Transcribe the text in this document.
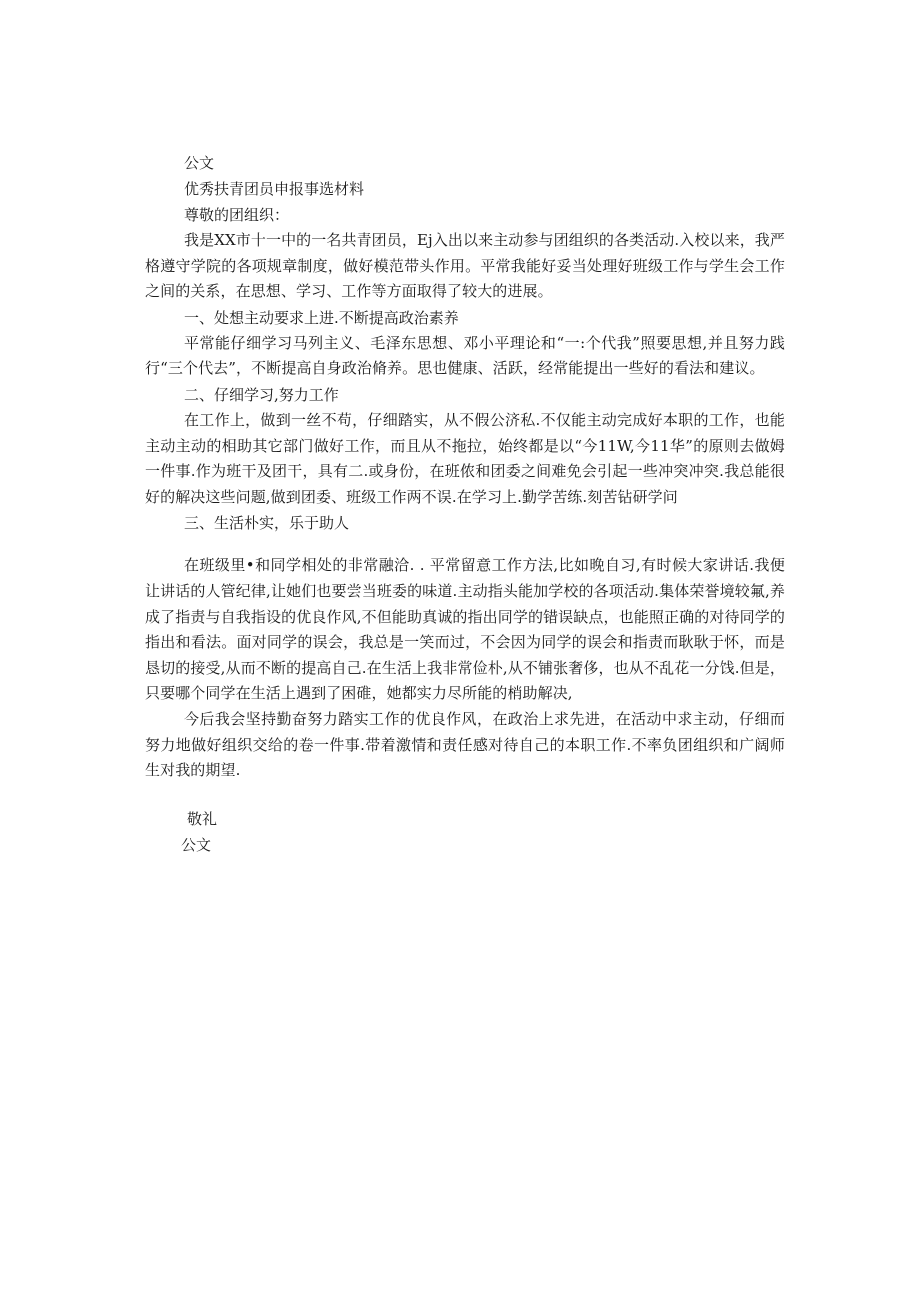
公文

优秀扶青团员申报事选材料

尊敬的团组织：

我是XX市十一中的一名共青团员，Ej入出以来主动参与团组织的各类活动.入校以来，我严格遵守学院的各项规章制度，做好模范带头作用。平常我能好妥当处理好班级工作与学生会工作之间的关系，在思想、学习、工作等方面取得了较大的进展。

一、处想主动要求上进.不断提高政治素养

平常能仔细学习马列主义、毛泽东思想、邓小平理论和“一:个代我”照要思想,并且努力践行“三个代去”，不断提高自身政治脩养。思也健康、活跃，经常能提出一些好的看法和建议。

二、仔细学习,努力工作

在工作上，做到一丝不苟，仔细踏实，从不假公济私.不仅能主动完成好本职的工作，也能主动主动的相助其它部门做好工作，而且从不拖拉，始终都是以“今11W,今11华”的原则去做姆一件事.作为班干及团干，具有二.或身份，在班侬和团委之间难免会引起一些冲突冲突.我总能很好的解决这些问题,做到团委、班级工作两不误.在学习上.勤学苦练.刻苦钻研学问

三、生活朴实，乐于助人

在班级里•和同学相处的非常融洽. . 平常留意工作方法,比如晚自习,有时候大家讲话.我便让讲话的人管纪律,让她们也要尝当班委的味道.主动指头能加学校的各项活动.集体荣誉境较氟,养成了指责与自我指设的优良作风,不但能助真诚的指出同学的错误缺点，也能照正确的对待同学的指出和看法。面对同学的误会，我总是一笑而过，不会因为同学的误会和指责而耿耿于怀，而是恳切的接受,从而不断的提高自己.在生活上我非常俭朴,从不铺张奢侈，也从不乱花一分饯.但是，只要哪个同学在生活上遇到了困碓，她都实力尽所能的梢助解决,

今后我会坚持勤奋努力踏实工作的优良作风，在政治上求先进，在活动中求主动，仔细而努力地做好组织交给的卷一件事.带着激情和责任感对待自己的本职工作.不率负团组织和广阔师生对我的期望.

敬礼

公文
